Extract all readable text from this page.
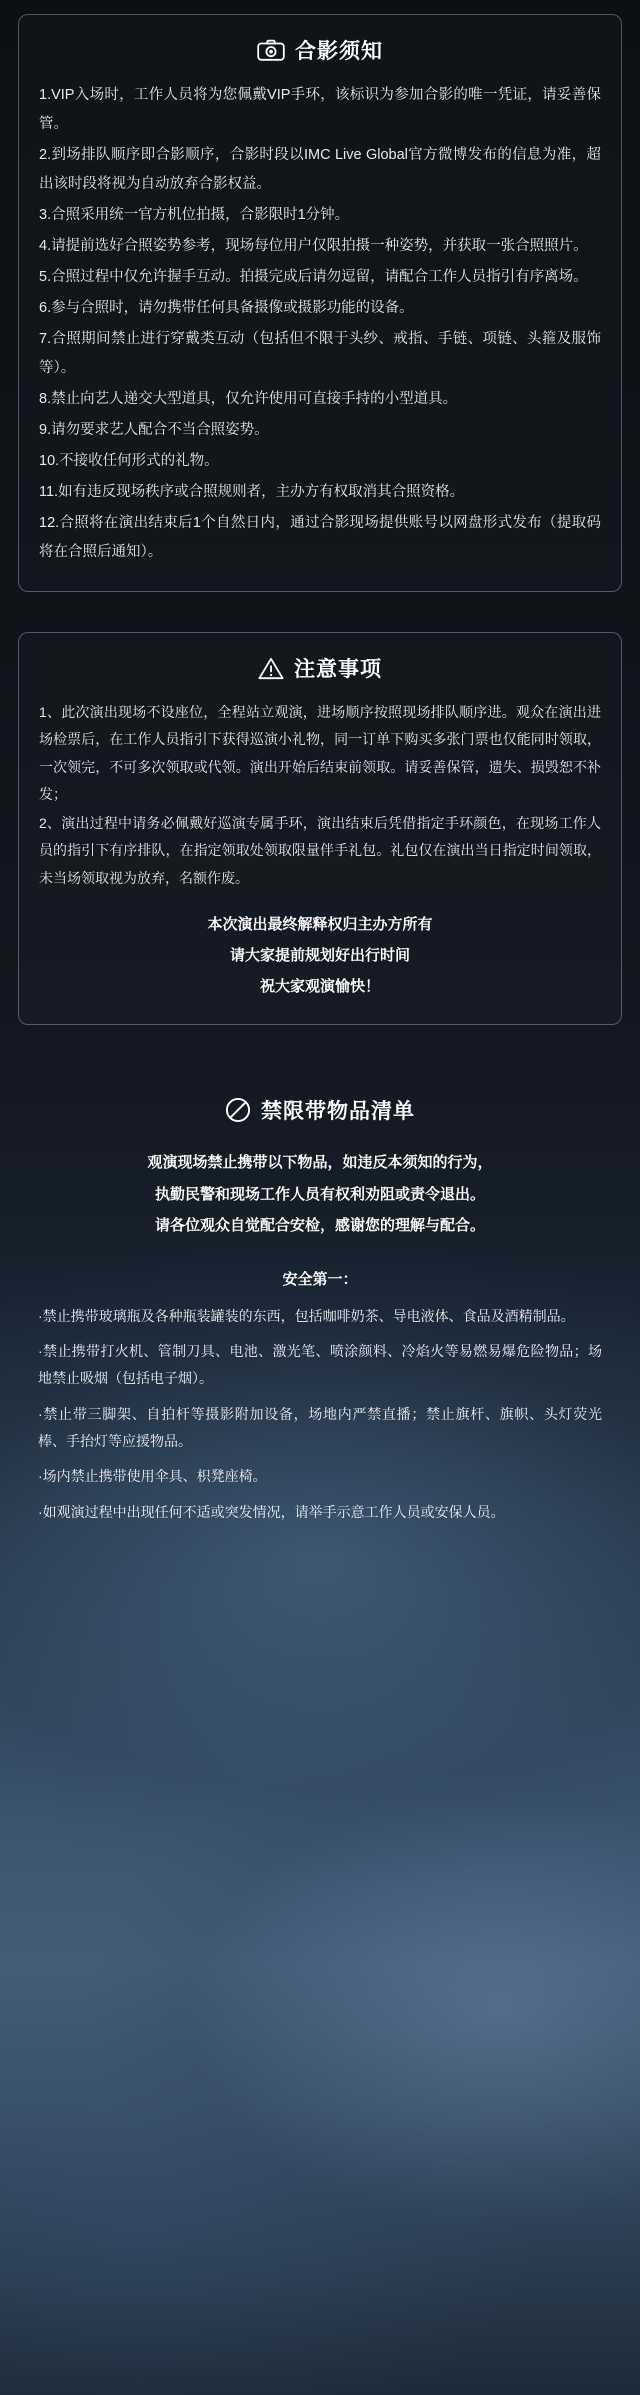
合影须知

1.VIP入场时，工作人员将为您佩戴VIP手环，该标识为参加合影的唯一凭证，请妥善保管。

2.到场排队顺序即合影顺序，合影时段以IMC Live Global官方微博发布的信息为准，超出该时段将视为自动放弃合影权益。

3.合照采用统一官方机位拍摄，合影限时1分钟。

4.请提前选好合照姿势参考，现场每位用户仅限拍摄一种姿势，并获取一张合照照片。

5.合照过程中仅允许握手互动。拍摄完成后请勿逗留，请配合工作人员指引有序离场。

6.参与合照时，请勿携带任何具备摄像或摄影功能的设备。

7.合照期间禁止进行穿戴类互动（包括但不限于头纱、戒指、手链、项链、头箍及服饰等）。

8.禁止向艺人递交大型道具，仅允许使用可直接手持的小型道具。

9.请勿要求艺人配合不当合照姿势。

10.不接收任何形式的礼物。

11.如有违反现场秩序或合照规则者，主办方有权取消其合照资格。

12.合照将在演出结束后1个自然日内，通过合影现场提供账号以网盘形式发布（提取码将在合照后通知）。

注意事项

1、此次演出现场不设座位，全程站立观演，进场顺序按照现场排队顺序进。观众在演出进场检票后，在工作人员指引下获得巡演小礼物，同一订单下购买多张门票也仅能同时领取，一次领完，不可多次领取或代领。演出开始后结束前领取。请妥善保管，遗失、损毁恕不补发；

2、演出过程中请务必佩戴好巡演专属手环，演出结束后凭借指定手环颜色，在现场工作人员的指引下有序排队，在指定领取处领取限量伴手礼包。礼包仅在演出当日指定时间领取，未当场领取视为放弃，名额作废。

本次演出最终解释权归主办方所有
请大家提前规划好出行时间
祝大家观演愉快！
禁限带物品清单
观演现场禁止携带以下物品，如违反本须知的行为，
执勤民警和现场工作人员有权利劝阻或责令退出。
请各位观众自觉配合安检，感谢您的理解与配合。
安全第一：

·禁止携带玻璃瓶及各种瓶装罐装的东西，包括咖啡奶茶、导电液体、食品及酒精制品。

·禁止携带打火机、管制刀具、电池、激光笔、喷涂颜料、冷焰火等易燃易爆危险物品；场地禁止吸烟（包括电子烟）。

·禁止带三脚架、自拍杆等摄影附加设备，场地内严禁直播；禁止旗杆、旗帜、头灯荧光棒、手抬灯等应援物品。

·场内禁止携带使用伞具、枳凳座椅。

·如观演过程中出现任何不适或突发情况，请举手示意工作人员或安保人员。
